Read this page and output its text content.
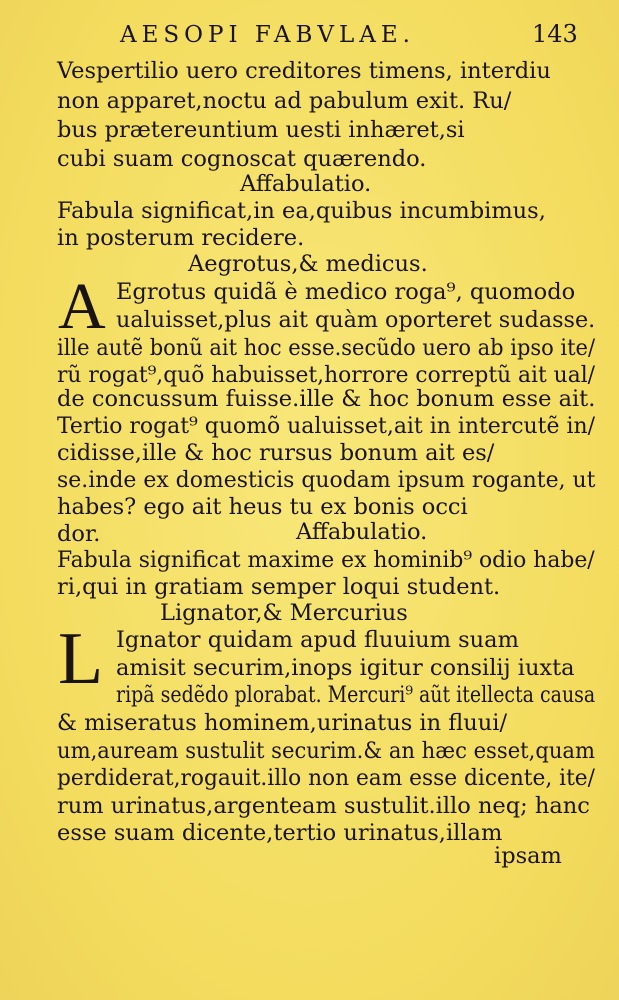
AESOPI FABVLAE.	143
Vespertilio uero creditores timens, interdiu
non apparet,noctu ad pabulum exit. Ru/
bus prætereuntium uesti inhæret,si
cubi suam cognoscat quærendo.
Affabulatio.
Fabula significat,in ea,quibus incumbimus,
in posterum recidere.
Aegrotus,& medicus.
A Egrotus quidã è medico roga⁹, quomodo
ualuisset,plus ait quàm oporteret sudasse.
ille autẽ bonũ ait hoc esse.secũdo uero ab ipso ite/
rũ rogat⁹,quõ habuisset,horrore correptũ ait ual/
de concussum fuisse.ille & hoc bonum esse ait.
Tertio rogat⁹ quomõ ualuisset,ait in intercutẽ in/
cidisse,ille & hoc rursus bonum ait es/
se.inde ex domesticis quodam ipsum rogante, ut
habes? ego ait heus tu ex bonis occi
dor.	Affabulatio.
Fabula significat maxime ex hominib⁹ odio habe/
ri,qui in gratiam semper loqui student.
Lignator,& Mercurius
L Ignator quidam apud fluuium suam
amisit securim,inops igitur consilij iuxta
ripã sedẽdo plorabat. Mercuri⁹ aũt itellecta causa
& miseratus hominem,urinatus in fluui/
um,auream sustulit securim.& an hæc esset,quam
perdiderat,rogauit.illo non eam esse dicente, ite/
rum urinatus,argenteam sustulit.illo neq; hanc
esse suam dicente,tertio urinatus,illam
ipsam
